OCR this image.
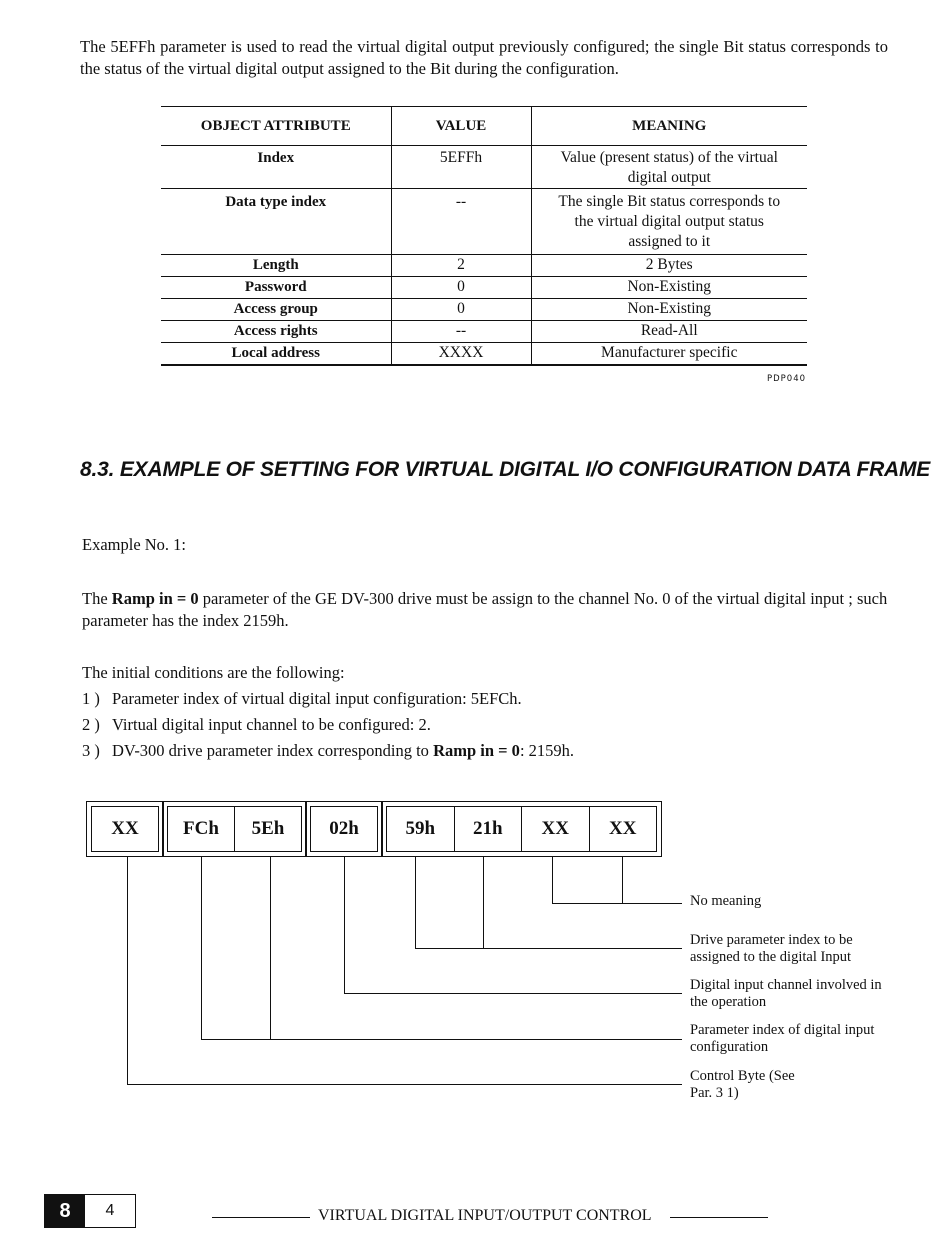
The 5EFFh parameter is used to read the virtual digital output previously configured; the single Bit status corresponds to the status of the virtual digital output assigned to the Bit during the configuration.
OBJECT ATTRIBUTE	VALUE	MEANING
Index	5EFFh	Value (present status) of the virtual digital output
Data type index	--	The single Bit status corresponds to the virtual digital output status assigned to it
Length	2	2 Bytes
Password	0	Non-Existing
Access group	0	Non-Existing
Access rights	--	Read-All
Local address	XXXX	Manufacturer specific
PDP040
8.3. EXAMPLE OF SETTING FOR VIRTUAL DIGITAL I/O CONFIGURATION DATA FRAME
Example No. 1:
The Ramp in = 0 parameter of the GE DV-300 drive must be assign to the channel No. 0 of the virtual digital input ; such parameter has the index 2159h.
The initial conditions are the following:
1 ) Parameter index of virtual digital input configuration: 5EFCh.
2 ) Virtual digital input channel to be configured: 2.
3 ) DV-300 drive parameter index corresponding to Ramp in = 0: 2159h.
XX	FCh	5Eh	02h	59h	21h	XX	XX
No meaning
Drive parameter index to be assigned to the digital Input
Digital input channel involved in the operation
Parameter index of digital input configuration
Control Byte (See Par. 3 1)
8	4	VIRTUAL DIGITAL INPUT/OUTPUT CONTROL
